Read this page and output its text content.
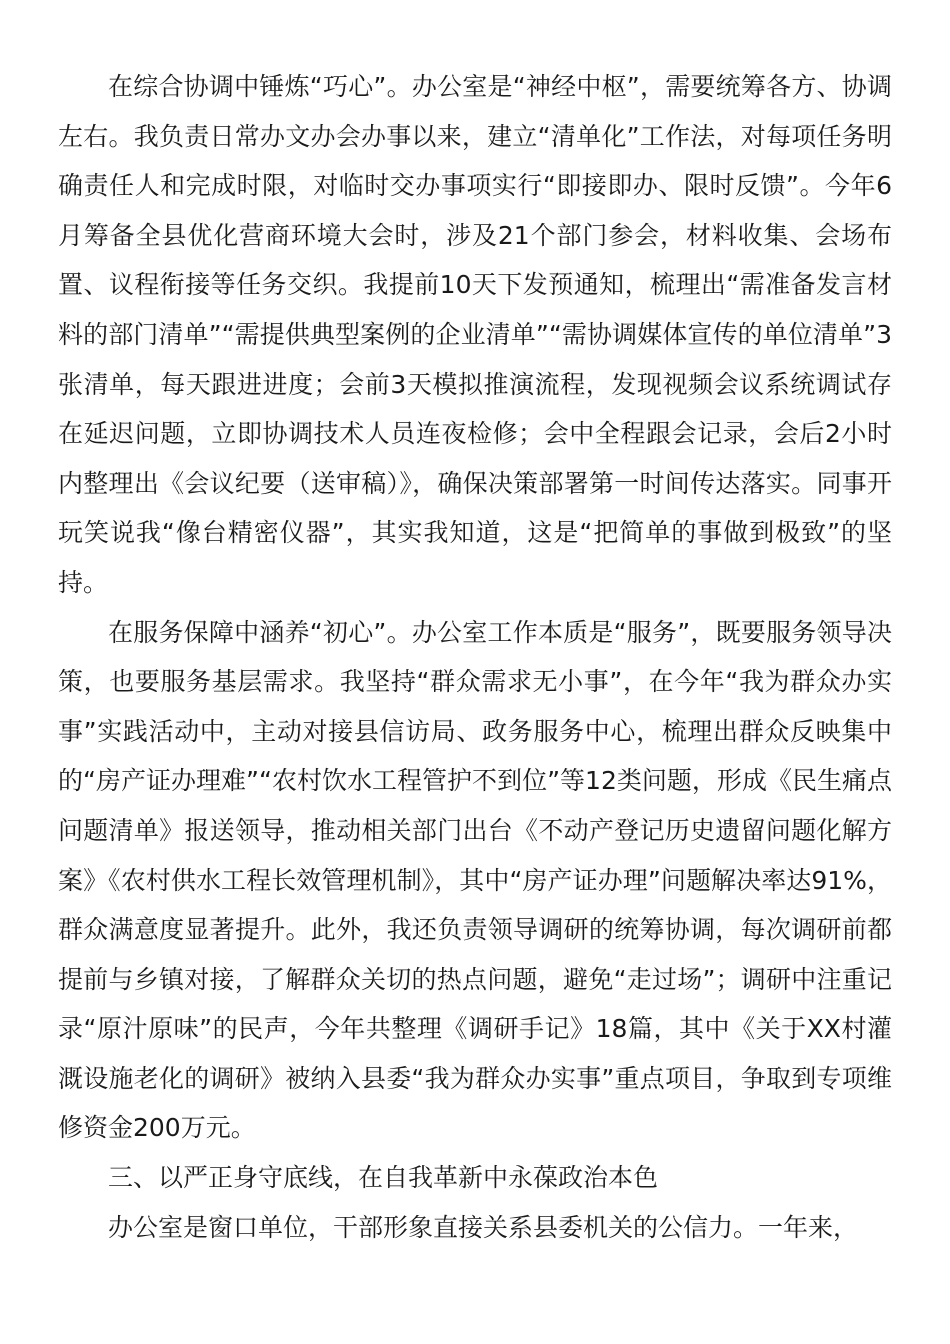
在综合协调中锤炼“巧心”。办公室是“神经中枢”，需要统筹各方、协调左右。我负责日常办文办会办事以来，建立“清单化”工作法，对每项任务明确责任人和完成时限，对临时交办事项实行“即接即办、限时反馈”。今年6月筹备全县优化营商环境大会时，涉及21个部门参会，材料收集、会场布置、议程衔接等任务交织。我提前10天下发预通知，梳理出“需准备发言材料的部门清单”“需提供典型案例的企业清单”“需协调媒体宣传的单位清单”3张清单，每天跟进进度；会前3天模拟推演流程，发现视频会议系统调试存在延迟问题，立即协调技术人员连夜检修；会中全程跟会记录，会后2小时内整理出《会议纪要（送审稿）》，确保决策部署第一时间传达落实。同事开玩笑说我“像台精密仪器”，其实我知道，这是“把简单的事做到极致”的坚持。

在服务保障中涵养“初心”。办公室工作本质是“服务”，既要服务领导决策，也要服务基层需求。我坚持“群众需求无小事”，在今年“我为群众办实事”实践活动中，主动对接县信访局、政务服务中心，梳理出群众反映集中的“房产证办理难”“农村饮水工程管护不到位”等12类问题，形成《民生痛点问题清单》报送领导，推动相关部门出台《不动产登记历史遗留问题化解方案》《农村供水工程长效管理机制》，其中“房产证办理”问题解决率达91%，群众满意度显著提升。此外，我还负责领导调研的统筹协调，每次调研前都提前与乡镇对接，了解群众关切的热点问题，避免“走过场”；调研中注重记录“原汁原味”的民声，今年共整理《调研手记》18篇，其中《关于XX村灌溉设施老化的调研》被纳入县委“我为群众办实事”重点项目，争取到专项维修资金200万元。

三、以严正身守底线，在自我革新中永葆政治本色

办公室是窗口单位，干部形象直接关系县委机关的公信力。一年来，
